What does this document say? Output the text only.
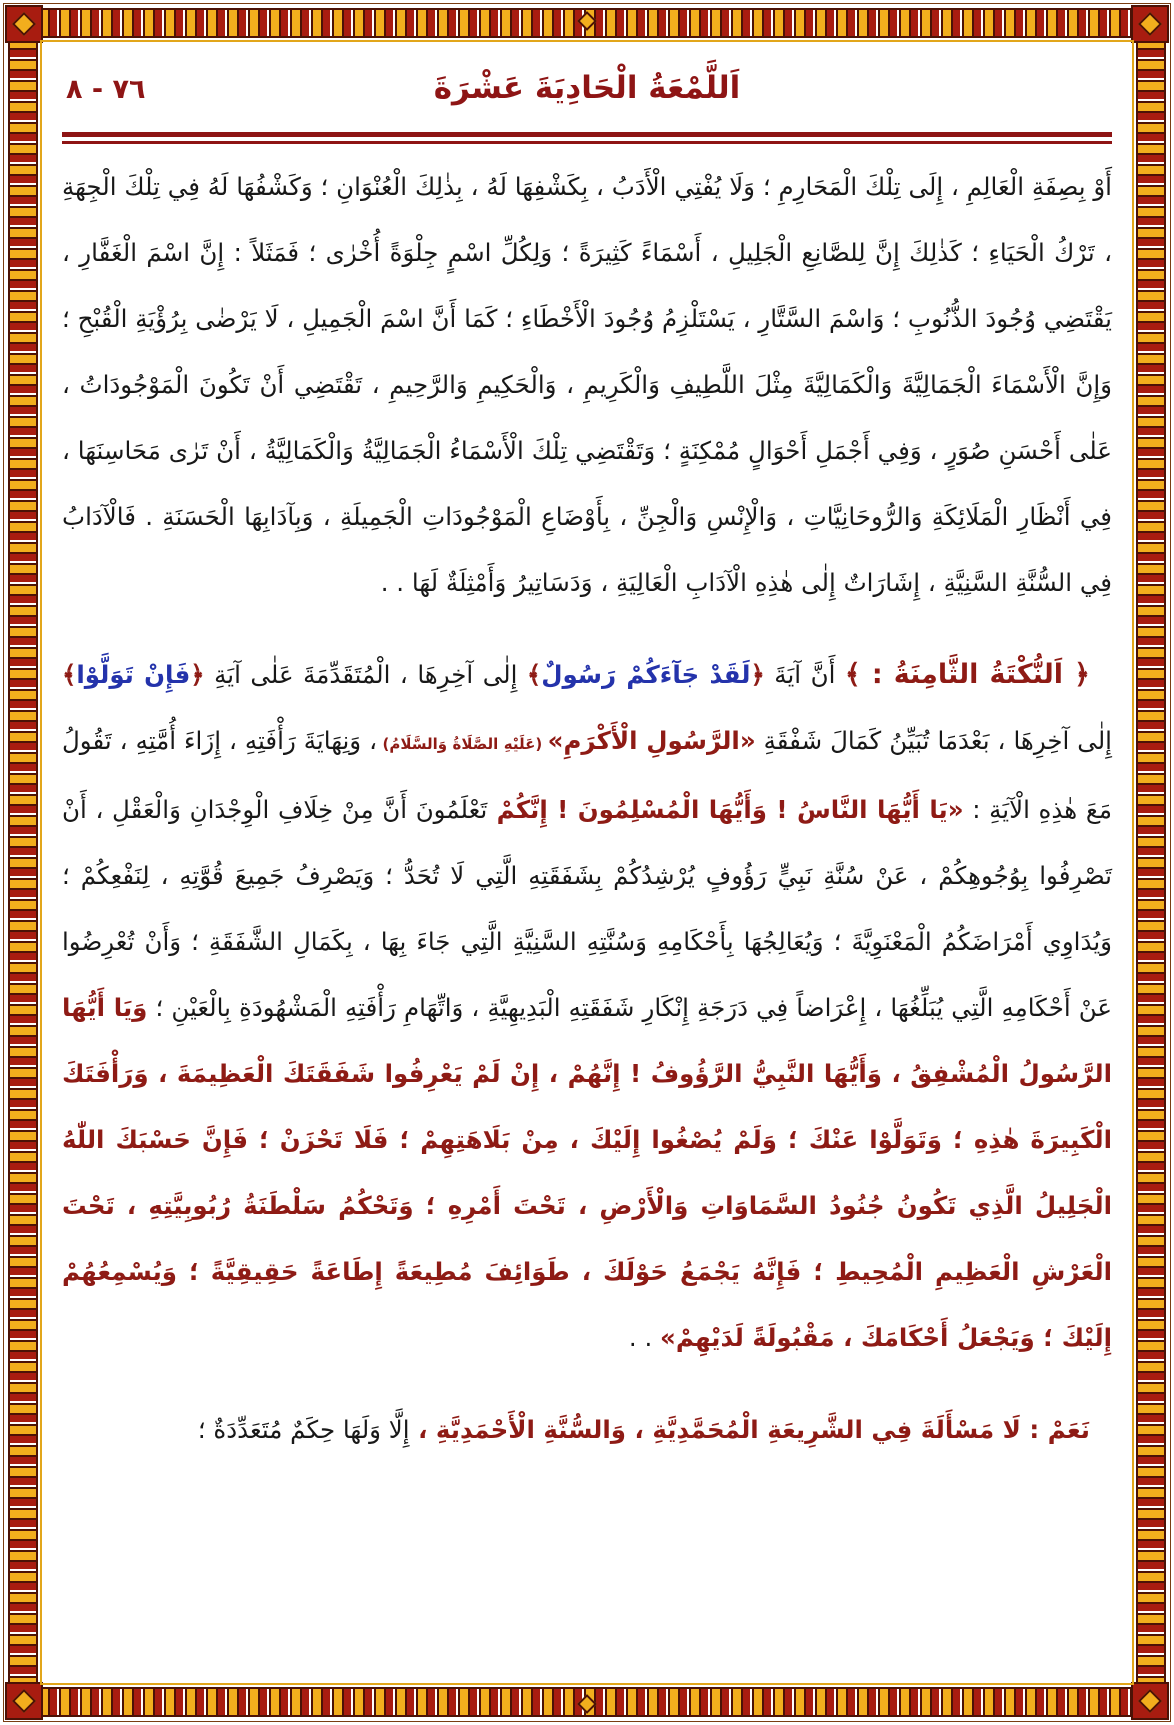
٧٦ - ٨	اَللَّمْعَةُ الْحَادِيَةَ عَشْرَةَ

أَوْ بِصِفَةِ الْعَالِمِ ، إِلَى تِلْكَ الْمَحَارِمِ ؛ وَلَا يُفْتِي الْأَدَبُ ، بِكَشْفِهَا لَهُ ، بِذٰلِكَ الْعُنْوَانِ ؛ وَكَشْفُهَا لَهُ فِي تِلْكَ الْجِهَةِ ، تَرْكُ الْحَيَاءِ ؛ كَذٰلِكَ إِنَّ لِلصَّانِعِ الْجَلِيلِ ، أَسْمَاءً كَثِيرَةً ؛ وَلِكُلِّ اسْمٍ جِلْوَةً أُخْرٰى ؛ فَمَثَلاً : إِنَّ اسْمَ الْغَفَّارِ ، يَقْتَضِي وُجُودَ الذُّنُوبِ ؛ وَاسْمَ السَّتَّارِ ، يَسْتَلْزِمُ وُجُودَ الْأَخْطَاءِ ؛ كَمَا أَنَّ اسْمَ الْجَمِيلِ ، لَا يَرْضٰى بِرُؤْيَةِ الْقُبْحِ ؛ وَإِنَّ الْأَسْمَاءَ الْجَمَالِيَّةَ وَالْكَمَالِيَّةَ مِثْلَ اللَّطِيفِ وَالْكَرِيمِ ، وَالْحَكِيمِ وَالرَّحِيمِ ، تَقْتَضِي أَنْ تَكُونَ الْمَوْجُودَاتُ ، عَلٰى أَحْسَنِ صُوَرٍ ، وَفِي أَجْمَلِ أَحْوَالٍ مُمْكِنَةٍ ؛ وَتَقْتَضِي تِلْكَ الْأَسْمَاءُ الْجَمَالِيَّةُ وَالْكَمَالِيَّةُ ، أَنْ تَرٰى مَحَاسِنَهَا ، فِي أَنْظَارِ الْمَلَائِكَةِ وَالرُّوحَانِيَّاتِ ، وَالْإِنْسِ وَالْجِنِّ ، بِأَوْضَاعِ الْمَوْجُودَاتِ الْجَمِيلَةِ ، وَبِآدَابِهَا الْحَسَنَةِ . فَالْآدَابُ فِي السُّنَّةِ السَّنِيَّةِ ، إِشَارَاتٌ إِلٰى هٰذِهِ الْآدَابِ الْعَالِيَةِ ، وَدَسَاتِيرُ وَأَمْثِلَةٌ لَهَا . .

﴿ اَلنُّكْتَةُ الثَّامِنَةُ : ﴾ أَنَّ آيَةَ ﴿لَقَدْ جَآءَكُمْ رَسُولٌ﴾ إِلٰى آخِرِهَا ، الْمُتَقَدِّمَةَ عَلٰى آيَةِ ﴿فَإِنْ تَوَلَّوْا﴾ إِلٰى آخِرِهَا ، بَعْدَمَا تُبَيِّنُ كَمَالَ شَفْقَةِ «الرَّسُولِ الْأَكْرَمِ» (عَلَيْهِ الصَّلَاةُ وَالسَّلَامُ) ، وَنِهَايَةَ رَأْفَتِهِ ، إِزَاءَ أُمَّتِهِ ، تَقُولُ مَعَ هٰذِهِ الْآيَةِ : «يَا أَيُّهَا النَّاسُ ! وَأَيُّهَا الْمُسْلِمُونَ ! إِنَّكُمْ تَعْلَمُونَ أَنَّ مِنْ خِلَافِ الْوِجْدَانِ وَالْعَقْلِ ، أَنْ تَصْرِفُوا بِوُجُوهِكُمْ ، عَنْ سُنَّةِ نَبِيٍّ رَؤُوفٍ يُرْشِدُكُمْ بِشَفَقَتِهِ الَّتِي لَا تُحَدُّ ؛ وَيَصْرِفُ جَمِيعَ قُوَّتِهِ ، لِنَفْعِكُمْ ؛ وَيُدَاوِي أَمْرَاضَكُمُ الْمَعْنَوِيَّةَ ؛ وَيُعَالِجُهَا بِأَحْكَامِهِ وَسُنَّتِهِ السَّنِيَّةِ الَّتِي جَاءَ بِهَا ، بِكَمَالِ الشَّفَقَةِ ؛ وَأَنْ تُعْرِضُوا عَنْ أَحْكَامِهِ الَّتِي يُبَلِّغُهَا ، إِعْرَاضاً فِي دَرَجَةِ إِنْكَارِ شَفَقَتِهِ الْبَدِيهِيَّةِ ، وَاتِّهَامِ رَأْفَتِهِ الْمَشْهُودَةِ بِالْعَيْنِ ؛ وَيَا أَيُّهَا الرَّسُولُ الْمُشْفِقُ ، وَأَيُّهَا النَّبِيُّ الرَّؤُوفُ ! إِنَّهُمْ ، إِنْ لَمْ يَعْرِفُوا شَفَقَتَكَ الْعَظِيمَةَ ، وَرَأْفَتَكَ الْكَبِيرَةَ هٰذِهِ ؛ وَتَوَلَّوْا عَنْكَ ؛ وَلَمْ يُصْغُوا إِلَيْكَ ، مِنْ بَلَاهَتِهِمْ ؛ فَلَا تَحْزَنْ ؛ فَإِنَّ حَسْبَكَ اللّٰهُ الْجَلِيلُ الَّذِي تَكُونُ جُنُودُ السَّمَاوَاتِ وَالْأَرْضِ ، تَحْتَ أَمْرِهِ ؛ وَتَحْكُمُ سَلْطَنَةُ رُبُوبِيَّتِهِ ، تَحْتَ الْعَرْشِ الْعَظِيمِ الْمُحِيطِ ؛ فَإِنَّهُ يَجْمَعُ حَوْلَكَ ، طَوَائِفَ مُطِيعَةً إِطَاعَةً حَقِيقِيَّةً ؛ وَيُسْمِعُهُمْ إِلَيْكَ ؛ وَيَجْعَلُ أَحْكَامَكَ ، مَقْبُولَةً لَدَيْهِمْ» . .

نَعَمْ : لَا مَسْأَلَةَ فِي الشَّرِيعَةِ الْمُحَمَّدِيَّةِ ، وَالسُّنَّةِ الْأَحْمَدِيَّةِ ، إِلَّا وَلَهَا حِكَمٌ مُتَعَدِّدَةٌ ؛
